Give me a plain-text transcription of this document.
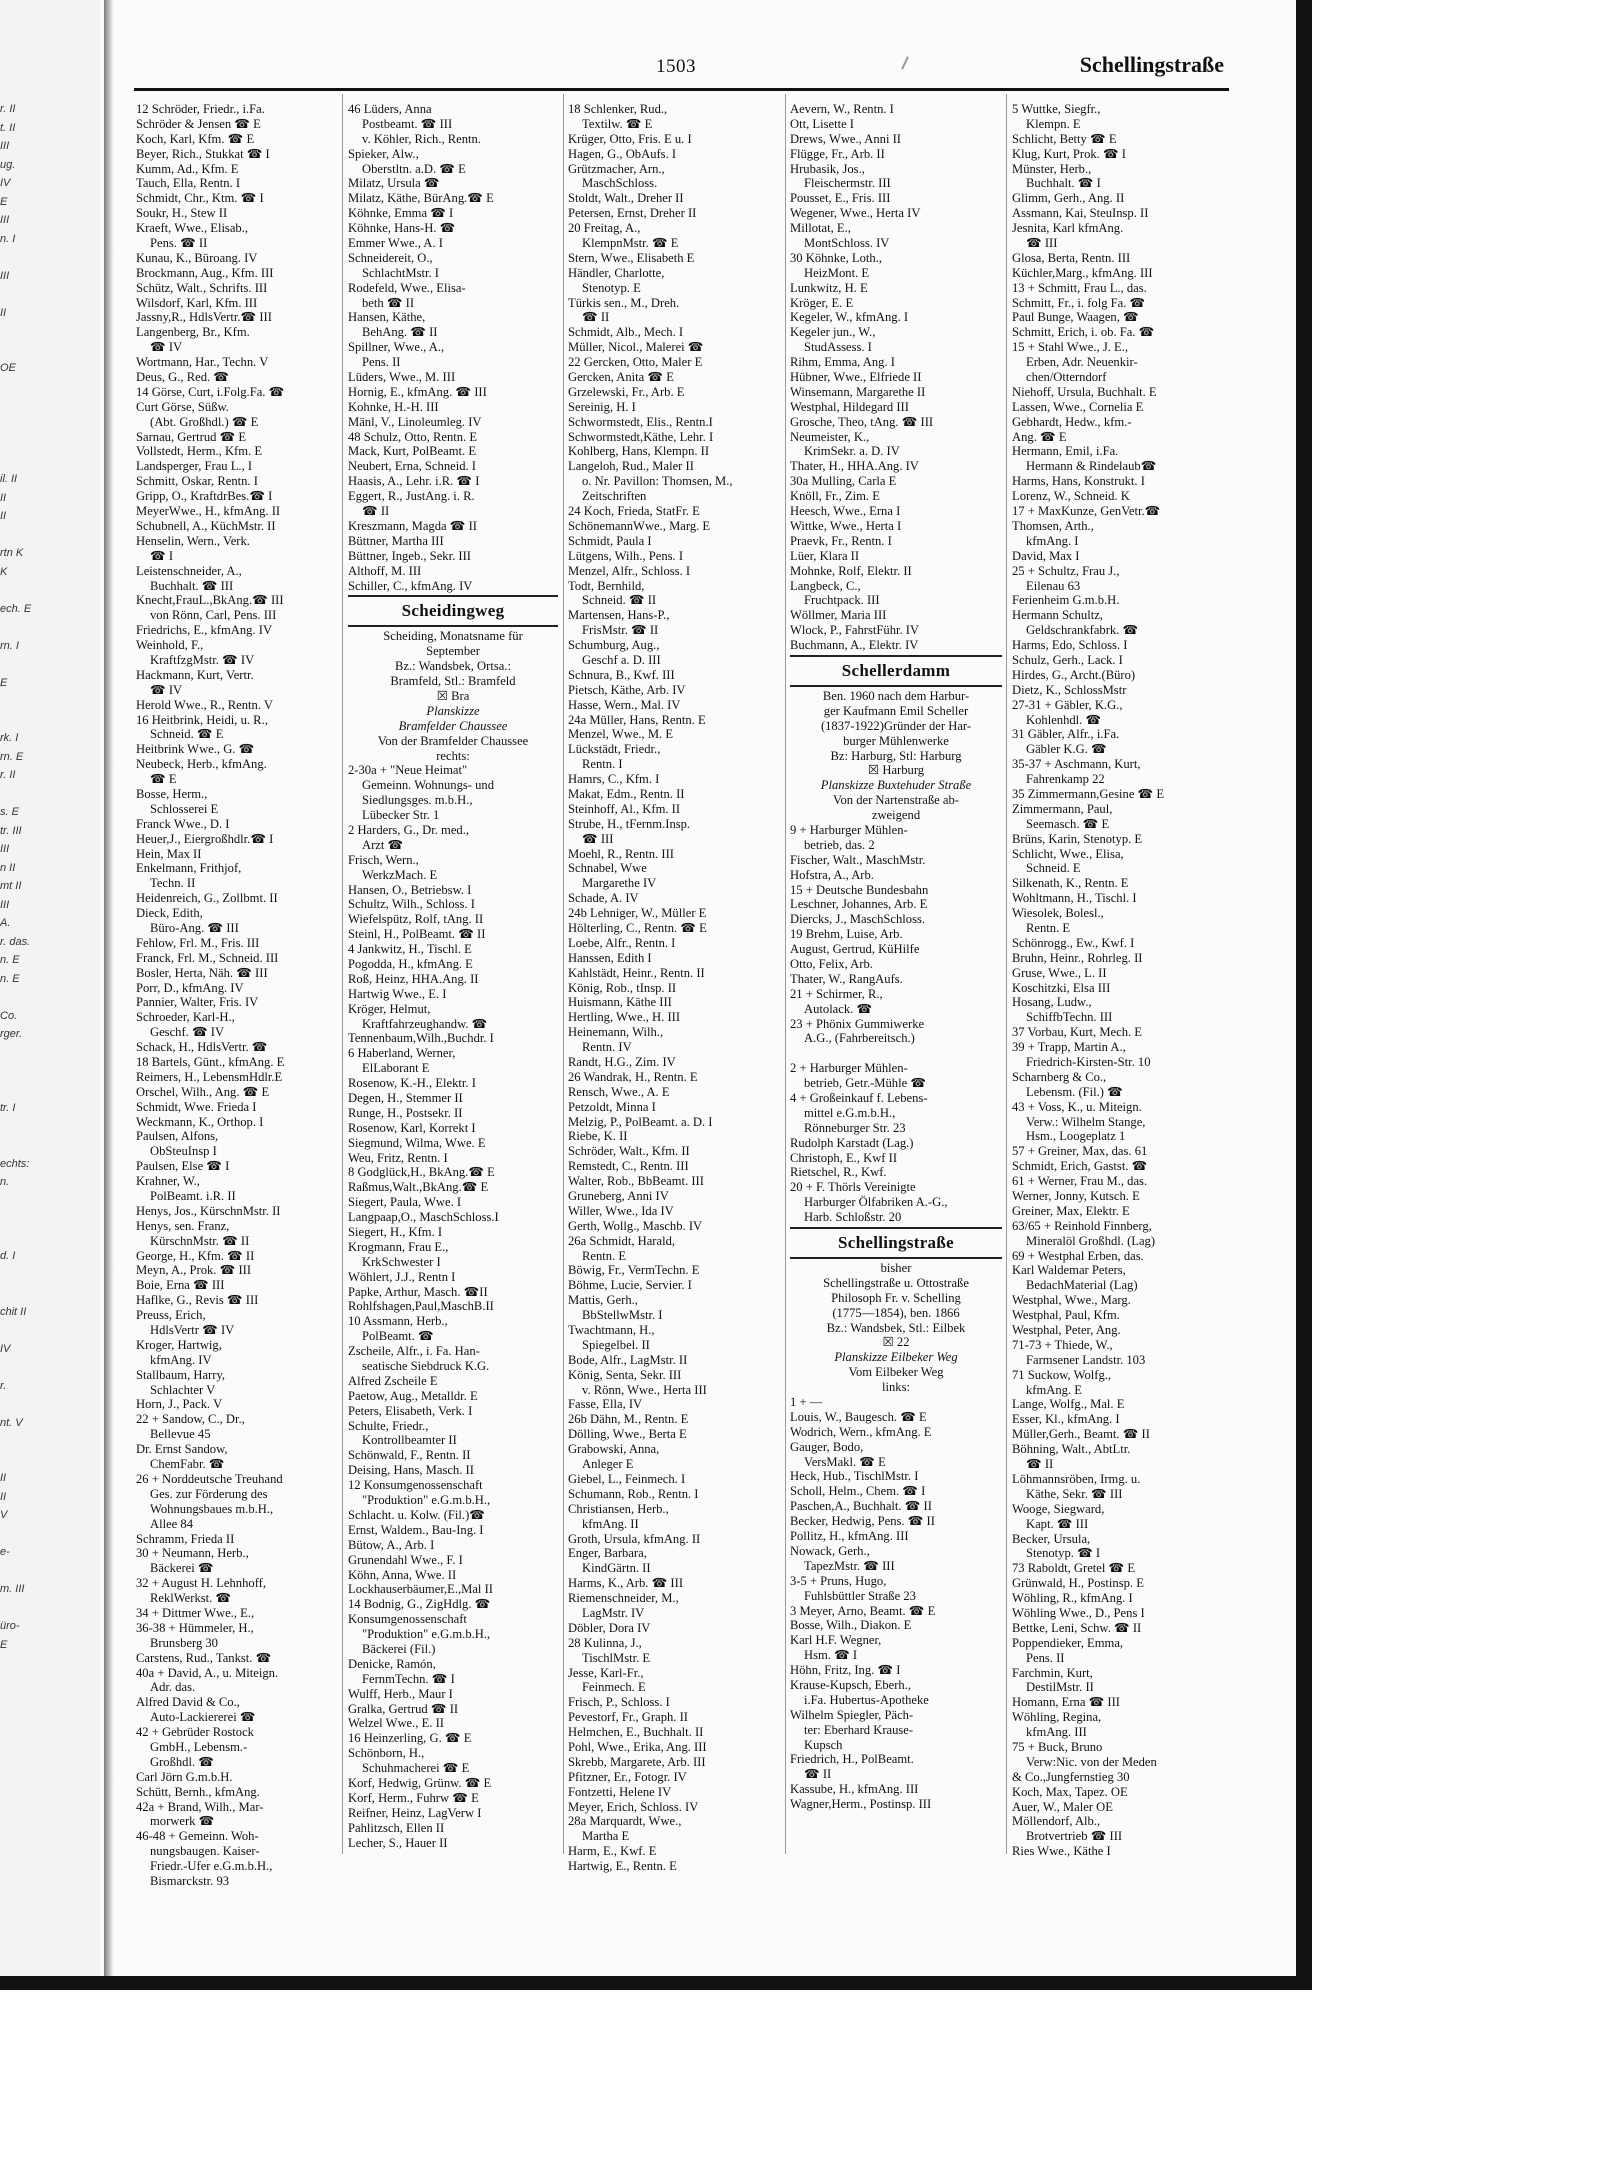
r. II
t. II
III
ug.
IV
E
III
n. I
III
II
OE
il. II
II
II
rtn K
K
ech. E
rn. I
E
rk. I
rn. E
r. II
s. E
tr. III
III
n II
mt II
III
A.
r. das.
n. E
n. E
Co.
rger.
tr. I
echts:
n.
d. I
chit II
IV
r.
nt. V
II
II
V
e-
m. III
üro-
E
1503	Schellingstraße
12 Schröder, Friedr., i.Fa.
Schröder & Jensen ☎ E
Koch, Karl, Kfm. ☎ E
Beyer, Rich., Stukkat ☎ I
Kumm, Ad., Kfm. E
Tauch, Ella, Rentn. I
Schmidt, Chr., Ktm. ☎ I
Soukr, H., Stew II
Kraeft, Wwe., Elisab.,
Pens. ☎ II
Kunau, K., Büroang. IV
Brockmann, Aug., Kfm. III
Schütz, Walt., Schrifts. III
Wilsdorf, Karl, Kfm. III
Jassny,R., HdlsVertr.☎ III
Langenberg, Br., Kfm.
☎ IV
Wortmann, Har., Techn. V
Deus, G., Red. ☎
14 Görse, Curt, i.Folg.Fa. ☎
Curt Görse, Süßw.
(Abt. Großhdl.) ☎ E
Sarnau, Gertrud ☎ E
Vollstedt, Herm., Kfm. E
Landsperger, Frau L., I
Schmitt, Oskar, Rentn. I
Gripp, O., KraftdrBes.☎ I
MeyerWwe., H., kfmAng. II
Schubnell, A., KüchMstr. II
Henselin, Wern., Verk.
☎ I
Leistenschneider, A.,
Buchhalt. ☎ III
Knecht,FrauL.,BkAng.☎ III
von Rönn, Carl, Pens. III
Friedrichs, E., kfmAng. IV
Weinhold, F.,
KraftfzgMstr. ☎ IV
Hackmann, Kurt, Vertr.
☎ IV
Herold Wwe., R., Rentn. V
16 Heitbrink, Heidi, u. R.,
Schneid. ☎ E
Heitbrink Wwe., G. ☎
Neubeck, Herb., kfmAng.
☎ E
Bosse, Herm.,
Schlosserei E
Franck Wwe., D. I
Heuer,J., Eiergroßhdlr.☎ I
Hein, Max II
Enkelmann, Frithjof,
Techn. II
Heidenreich, G., Zollbmt. II
Dieck, Edith,
Büro-Ang. ☎ III
Fehlow, Frl. M., Fris. III
Franck, Frl. M., Schneid. III
Bosler, Herta, Näh. ☎ III
Porr, D., kfmAng. IV
Pannier, Walter, Fris. IV
Schroeder, Karl-H.,
Geschf. ☎ IV
Schack, H., HdlsVertr. ☎
18 Bartels, Günt., kfmAng. E
Reimers, H., LebensmHdlr.E
Orschel, Wilh., Ang. ☎ E
Schmidt, Wwe. Frieda I
Weckmann, K., Orthop. I
Paulsen, Alfons,
ObSteuInsp I
Paulsen, Else ☎ I
Krahner, W.,
PolBeamt. i.R. II
Henys, Jos., KürschnMstr. II
Henys, sen. Franz,
KürschnMstr. ☎ II
George, H., Kfm. ☎ II
Meyn, A., Prok. ☎ III
Boie, Erna ☎ III
Haflke, G., Revis ☎ III
Preuss, Erich,
HdlsVertr ☎ IV
Kroger, Hartwig,
kfmAng. IV
Stallbaum, Harry,
Schlachter V
Horn, J., Pack. V
22 + Sandow, C., Dr.,
Bellevue 45
Dr. Ernst Sandow,
ChemFabr. ☎
26 + Norddeutsche Treuhand
Ges. zur Förderung des
Wohnungsbaues m.b.H.,
Allee 84
Schramm, Frieda II
30 + Neumann, Herb.,
Bäckerei ☎
32 + August H. Lehnhoff,
ReklWerkst. ☎
34 + Dittmer Wwe., E.,
36-38 + Hümmeler, H.,
Brunsberg 30
Carstens, Rud., Tankst. ☎
40a + David, A., u. Miteign.
Adr. das.
Alfred David & Co.,
Auto-Lackiererei ☎
42 + Gebrüder Rostock
GmbH., Lebensm.-
Großhdl. ☎
Carl Jörn G.m.b.H.
Schütt, Bernh., kfmAng.
42a + Brand, Wilh., Mar-
morwerk ☎
46-48 + Gemeinn. Woh-
nungsbaugen. Kaiser-
Friedr.-Ufer e.G.m.b.H.,
Bismarckstr. 93
46 Lüders, Anna
Postbeamt. ☎ III
v. Köhler, Rich., Rentn.
Spieker, Alw.,
Oberstltn. a.D. ☎ E
Milatz, Ursula ☎
Milatz, Käthe, BürAng.☎ E
Köhnke, Emma ☎ I
Köhnke, Hans-H. ☎
Emmer Wwe., A. I
Schneidereit, O.,
SchlachtMstr. I
Rodefeld, Wwe., Elisa-
beth ☎ II
Hansen, Käthe,
BehAng. ☎ II
Spillner, Wwe., A.,
Pens. II
Lüders, Wwe., M. III
Hornig, E., kfmAng. ☎ III
Kohnke, H.-H. III
Mänl, V., Linoleumleg. IV
48 Schulz, Otto, Rentn. E
Mack, Kurt, PolBeamt. E
Neubert, Erna, Schneid. I
Haasis, A., Lehr. i.R. ☎ I
Eggert, R., JustAng. i. R.
☎ II
Kreszmann, Magda ☎ II
Büttner, Martha III
Büttner, Ingeb., Sekr. III
Althoff, M. III
Schiller, C., kfmAng. IV
Scheidingweg
Scheiding, Monatsname für
September
Bz.: Wandsbek, Ortsa.:
Bramfeld, Stl.: Bramfeld
☒ Bra
Planskizze
Bramfelder Chaussee
Von der Bramfelder Chaussee
rechts:
2-30a + "Neue Heimat"
Gemeinn. Wohnungs- und
Siedlungsges. m.b.H.,
Lübecker Str. 1
2 Harders, G., Dr. med.,
Arzt ☎
Frisch, Wern.,
WerkzMach. E
Hansen, O., Betriebsw. I
Schultz, Wilh., Schloss. I
Wiefelspütz, Rolf, tAng. II
Steinl, H., PolBeamt. ☎ II
4 Jankwitz, H., Tischl. E
Pogodda, H., kfmAng. E
Roß, Heinz, HHA.Ang. II
Hartwig Wwe., E. I
Kröger, Helmut,
Kraftfahrzeughandw. ☎
Tennenbaum,Wilh.,Buchdr. I
6 Haberland, Werner,
ElLaborant E
Rosenow, K.-H., Elektr. I
Degen, H., Stemmer II
Runge, H., Postsekr. II
Rosenow, Karl, Korrekt I
Siegmund, Wilma, Wwe. E
Weu, Fritz, Rentn. I
8 Godglück,H., BkAng.☎ E
Raßmus,Walt.,BkAng.☎ E
Siegert, Paula, Wwe. I
Langpaap,O., MaschSchloss.I
Siegert, H., Kfm. I
Krogmann, Frau E.,
KrkSchwester I
Wöhlert, J.J., Rentn I
Papke, Arthur, Masch. ☎II
Rohlfshagen,Paul,MaschB.II
10 Assmann, Herb.,
PolBeamt. ☎
Zscheile, Alfr., i. Fa. Han-
seatische Siebdruck K.G.
Alfred Zscheile E
Paetow, Aug., Metalldr. E
Peters, Elisabeth, Verk. I
Schulte, Friedr.,
Kontrollbeamter II
Schönwald, F., Rentn. II
Deising, Hans, Masch. II
12 Konsumgenossenschaft
"Produktion" e.G.m.b.H.,
Schlacht. u. Kolw. (Fil.)☎
Ernst, Waldem., Bau-Ing. I
Bütow, A., Arb. I
Grunendahl Wwe., F. I
Köhn, Anna, Wwe. II
Lockhauserbäumer,E.,Mal II
14 Bodnig, G., ZigHdlg. ☎
Konsumgenossenschaft
"Produktion" e.G.m.b.H.,
Bäckerei (Fil.)
Denicke, Ramón,
FernmTechn. ☎ I
Wulff, Herb., Maur I
Gralka, Gertrud ☎ II
Welzel Wwe., E. II
16 Heinzerling, G. ☎ E
Schönborn, H.,
Schuhmacherei ☎ E
Korf, Hedwig, Grünw. ☎ E
Korf, Herm., Fuhrw ☎ E
Reifner, Heinz, LagVerw I
Pahlitzsch, Ellen II
Lecher, S., Hauer II
18 Schlenker, Rud.,
Textilw. ☎ E
Krüger, Otto, Fris. E u. I
Hagen, G., ObAufs. I
Grützmacher, Arn.,
MaschSchloss.
Stoldt, Walt., Dreher II
Petersen, Ernst, Dreher II
20 Freitag, A.,
KlempnMstr. ☎ E
Stern, Wwe., Elisabeth E
Händler, Charlotte,
Stenotyp. E
Türkis sen., M., Dreh.
☎ II
Schmidt, Alb., Mech. I
Müller, Nicol., Malerei ☎
22 Gercken, Otto, Maler E
Gercken, Anita ☎ E
Grzelewski, Fr., Arb. E
Sereinig, H. I
Schwormstedt, Elis., Rentn.I
Schwormstedt,Käthe, Lehr. I
Kohlberg, Hans, Klempn. II
Langeloh, Rud., Maler II
o. Nr. Pavillon: Thomsen, M.,
Zeitschriften
24 Koch, Frieda, StatFr. E
SchönemannWwe., Marg. E
Schmidt, Paula I
Lütgens, Wilh., Pens. I
Menzel, Alfr., Schloss. I
Todt, Bernhild,
Schneid. ☎ II
Martensen, Hans-P.,
FrisMstr. ☎ II
Schumburg, Aug.,
Geschf a. D. III
Schnura, B., Kwf. III
Pietsch, Käthe, Arb. IV
Hasse, Wern., Mal. IV
24a Müller, Hans, Rentn. E
Menzel, Wwe., M. E
Lückstädt, Friedr.,
Rentn. I
Hamrs, C., Kfm. I
Makat, Edm., Rentn. II
Steinhoff, Al., Kfm. II
Strube, H., tFernm.Insp.
☎ III
Moehl, R., Rentn. III
Schnabel, Wwe
Margarethe IV
Schade, A. IV
24b Lehniger, W., Müller E
Hölterling, C., Rentn. ☎ E
Loebe, Alfr., Rentn. I
Hanssen, Edith I
Kahlstädt, Heinr., Rentn. II
König, Rob., tInsp. II
Huismann, Käthe III
Hertling, Wwe., H. III
Heinemann, Wilh.,
Rentn. IV
Randt, H.G., Zim. IV
26 Wandrak, H., Rentn. E
Rensch, Wwe., A. E
Petzoldt, Minna I
Melzig, P., PolBeamt. a. D. I
Riebe, K. II
Schröder, Walt., Kfm. II
Remstedt, C., Rentn. III
Walter, Rob., BbBeamt. III
Gruneberg, Anni IV
Willer, Wwe., Ida IV
Gerth, Wollg., Maschb. IV
26a Schmidt, Harald,
Rentn. E
Böwig, Fr., VermTechn. E
Böhme, Lucie, Servier. I
Mattis, Gerh.,
BbStellwMstr. I
Twachtmann, H.,
Spiegelbel. II
Bode, Alfr., LagMstr. II
König, Senta, Sekr. III
v. Rönn, Wwe., Herta III
Fasse, Ella, IV
26b Dähn, M., Rentn. E
Dölling, Wwe., Berta E
Grabowski, Anna,
Anleger E
Giebel, L., Feinmech. I
Schumann, Rob., Rentn. I
Christiansen, Herb.,
kfmAng. II
Groth, Ursula, kfmAng. II
Enger, Barbara,
KindGärtn. II
Harms, K., Arb. ☎ III
Riemenschneider, M.,
LagMstr. IV
Döbler, Dora IV
28 Kulinna, J.,
TischlMstr. E
Jesse, Karl-Fr.,
Feinmech. E
Frisch, P., Schloss. I
Pevestorf, Fr., Graph. II
Helmchen, E., Buchhalt. II
Pohl, Wwe., Erika, Ang. III
Skrebb, Margarete, Arb. III
Pfitzner, Er., Fotogr. IV
Fontzetti, Helene IV
Meyer, Erich, Schloss. IV
28a Marquardt, Wwe.,
Martha E
Harm, E., Kwf. E
Hartwig, E., Rentn. E
Aevern, W., Rentn. I
Ott, Lisette I
Drews, Wwe., Anni II
Flügge, Fr., Arb. II
Hrubasik, Jos.,
Fleischermstr. III
Pousset, E., Fris. III
Wegener, Wwe., Herta IV
Millotat, E.,
MontSchloss. IV
30 Köhnke, Loth.,
HeizMont. E
Lunkwitz, H. E
Kröger, E. E
Kegeler, W., kfmAng. I
Kegeler jun., W.,
StudAssess. I
Rihm, Emma, Ang. I
Hübner, Wwe., Elfriede II
Winsemann, Margarethe II
Westphal, Hildegard III
Grosche, Theo, tAng. ☎ III
Neumeister, K.,
KrimSekr. a. D. IV
Thater, H., HHA.Ang. IV
30a Mulling, Carla E
Knöll, Fr., Zim. E
Heesch, Wwe., Erna I
Wittke, Wwe., Herta I
Praevk, Fr., Rentn. I
Lüer, Klara II
Mohnke, Rolf, Elektr. II
Langbeck, C.,
Fruchtpack. III
Wöllmer, Maria III
Wlock, P., FahrstFühr. IV
Buchmann, A., Elektr. IV
Schellerdamm
Ben. 1960 nach dem Harbur-
ger Kaufmann Emil Scheller
(1837-1922)Gründer der Har-
burger Mühlenwerke
Bz: Harburg, Stl: Harburg
☒ Harburg
Planskizze Buxtehuder Straße
Von der Nartenstraße ab-
zweigend
9 + Harburger Mühlen-
betrieb, das. 2
Fischer, Walt., MaschMstr.
Hofstra, A., Arb.
15 + Deutsche Bundesbahn
Leschner, Johannes, Arb. E
Diercks, J., MaschSchloss.
19 Brehm, Luise, Arb.
August, Gertrud, KüHilfe
Otto, Felix, Arb.
Thater, W., RangAufs.
21 + Schirmer, R.,
Autolack. ☎
23 + Phönix Gummiwerke
A.G., (Fahrbereitsch.)
2 + Harburger Mühlen-
betrieb, Getr.-Mühle ☎
4 + Großeinkauf f. Lebens-
mittel e.G.m.b.H.,
Rönneburger Str. 23
Rudolph Karstadt (Lag.)
Christoph, E., Kwf II
Rietschel, R., Kwf.
20 + F. Thörls Vereinigte
Harburger Ölfabriken A.-G.,
Harb. Schloßstr. 20
Schellingstraße
bisher
Schellingstraße u. Ottostraße
Philosoph Fr. v. Schelling
(1775—1854), ben. 1866
Bz.: Wandsbek, Stl.: Eilbek
☒ 22
Planskizze Eilbeker Weg
Vom Eilbeker Weg
links:
1 + —
Louis, W., Baugesch. ☎ E
Wodrich, Wern., kfmAng. E
Gauger, Bodo,
VersMakl. ☎ E
Heck, Hub., TischlMstr. I
Scholl, Helm., Chem. ☎ I
Paschen,A., Buchhalt. ☎ II
Becker, Hedwig, Pens. ☎ II
Pollitz, H., kfmAng. III
Nowack, Gerh.,
TapezMstr. ☎ III
3-5 + Pruns, Hugo,
Fuhlsbüttler Straße 23
3 Meyer, Arno, Beamt. ☎ E
Bosse, Wilh., Diakon. E
Karl H.F. Wegner,
Hsm. ☎ I
Höhn, Fritz, Ing. ☎ I
Krause-Kupsch, Eberh.,
i.Fa. Hubertus-Apotheke
Wilhelm Spiegler, Päch-
ter: Eberhard Krause-
Kupsch
Friedrich, H., PolBeamt.
☎ II
Kassube, H., kfmAng. III
Wagner,Herm., Postinsp. III
5 Wuttke, Siegfr.,
Klempn. E
Schlicht, Betty ☎ E
Klug, Kurt, Prok. ☎ I
Münster, Herb.,
Buchhalt. ☎ I
Glimm, Gerh., Ang. II
Assmann, Kai, SteuInsp. II
Jesnita, Karl kfmAng.
☎ III
Glosa, Berta, Rentn. III
Küchler,Marg., kfmAng. III
13 + Schmitt, Frau L., das.
Schmitt, Fr., i. folg Fa. ☎
Paul Bunge, Waagen, ☎
Schmitt, Erich, i. ob. Fa. ☎
15 + Stahl Wwe., J. E.,
Erben, Adr. Neuenkir-
chen/Otterndorf
Niehoff, Ursula, Buchhalt. E
Lassen, Wwe., Cornelia E
Gebhardt, Hedw., kfm.-
Ang. ☎ E
Hermann, Emil, i.Fa.
Hermann & Rindelaub☎
Harms, Hans, Konstrukt. I
Lorenz, W., Schneid. K
17 + MaxKunze, GenVetr.☎
Thomsen, Arth.,
kfmAng. I
David, Max I
25 + Schultz, Frau J.,
Eilenau 63
Ferienheim G.m.b.H.
Hermann Schultz,
Geldschrankfabrk. ☎
Harms, Edo, Schloss. I
Schulz, Gerh., Lack. I
Hirdes, G., Archt.(Büro)
Dietz, K., SchlossMstr
27-31 + Gäbler, K.G.,
Kohlenhdl. ☎
31 Gäbler, Alfr., i.Fa.
Gäbler K.G. ☎
35-37 + Aschmann, Kurt,
Fahrenkamp 22
35 Zimmermann,Gesine ☎ E
Zimmermann, Paul,
Seemasch. ☎ E
Brüns, Karin, Stenotyp. E
Schlicht, Wwe., Elisa,
Schneid. E
Silkenath, K., Rentn. E
Wohltmann, H., Tischl. I
Wiesolek, Bolesl.,
Rentn. E
Schönrogg., Ew., Kwf. I
Bruhn, Heinr., Rohrleg. II
Gruse, Wwe., L. II
Koschitzki, Elsa III
Hosang, Ludw.,
SchiffbTechn. III
37 Vorbau, Kurt, Mech. E
39 + Trapp, Martin A.,
Friedrich-Kirsten-Str. 10
Scharnberg & Co.,
Lebensm. (Fil.) ☎
43 + Voss, K., u. Miteign.
Verw.: Wilhelm Stange,
Hsm., Loogeplatz 1
57 + Greiner, Max, das. 61
Schmidt, Erich, Gastst. ☎
61 + Werner, Frau M., das.
Werner, Jonny, Kutsch. E
Greiner, Max, Elektr. E
63/65 + Reinhold Finnberg,
Mineralöl Großhdl. (Lag)
69 + Westphal Erben, das.
Karl Waldemar Peters,
BedachMaterial (Lag)
Westphal, Wwe., Marg.
Westphal, Paul, Kfm.
Westphal, Peter, Ang.
71-73 + Thiede, W.,
Farmsener Landstr. 103
71 Suckow, Wolfg.,
kfmAng. E
Lange, Wolfg., Mal. E
Esser, Kl., kfmAng. I
Müller,Gerh., Beamt. ☎ II
Böhning, Walt., AbtLtr.
☎ II
Löhmannsröben, Irmg. u.
Käthe, Sekr. ☎ III
Wooge, Siegward,
Kapt. ☎ III
Becker, Ursula,
Stenotyp. ☎ I
73 Raboldt, Gretel ☎ E
Grünwald, H., Postinsp. E
Wöhling, R., kfmAng. I
Wöhling Wwe., D., Pens I
Bettke, Leni, Schw. ☎ II
Poppendieker, Emma,
Pens. II
Farchmin, Kurt,
DestilMstr. II
Homann, Erna ☎ III
Wöhling, Regina,
kfmAng. III
75 + Buck, Bruno
Verw:Nic. von der Meden
& Co.,Jungfernstieg 30
Koch, Max, Tapez. OE
Auer, W., Maler OE
Möllendorf, Alb.,
Brotvertrieb ☎ III
Ries Wwe., Käthe I
